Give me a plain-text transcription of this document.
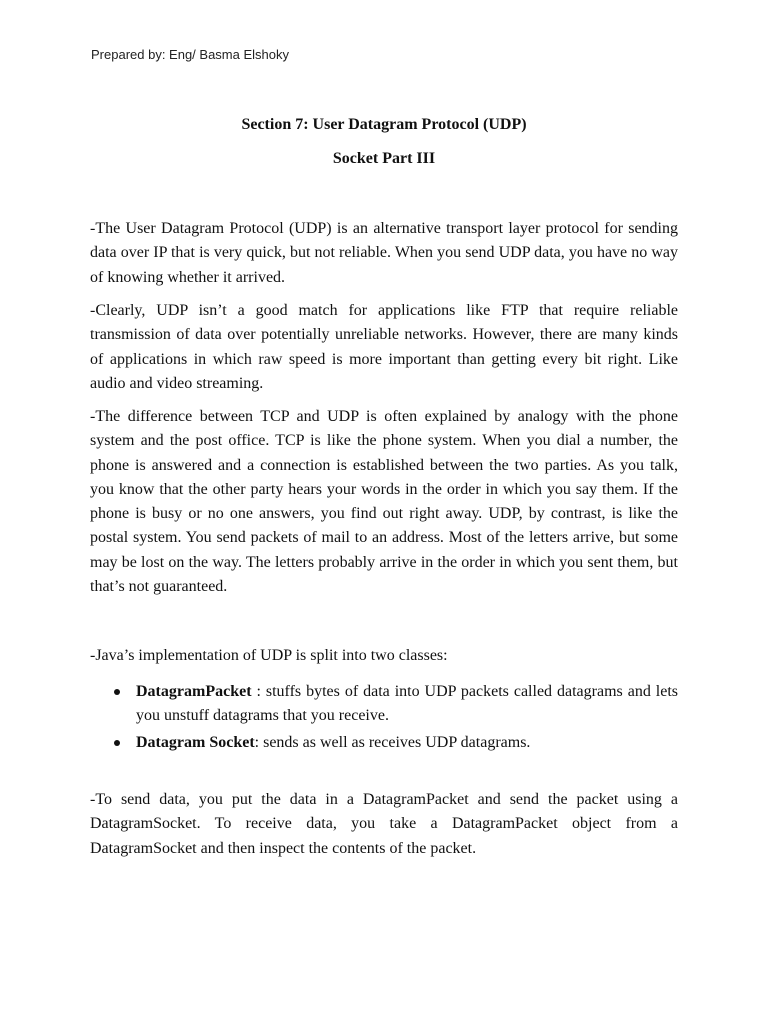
Prepared by: Eng/ Basma Elshoky
Section 7: User Datagram Protocol (UDP)
Socket Part III

-The User Datagram Protocol (UDP) is an alternative transport layer protocol for sending data over IP that is very quick, but not reliable. When you send UDP data, you have no way of knowing whether it arrived.

-Clearly, UDP isn’t a good match for applications like FTP that require reliable transmission of data over potentially unreliable networks. However, there are many kinds of applications in which raw speed is more important than getting every bit right. Like audio and video streaming.

-The difference between TCP and UDP is often explained by analogy with the phone system and the post office. TCP is like the phone system. When you dial a number, the phone is answered and a connection is established between the two parties. As you talk, you know that the other party hears your words in the order in which you say them. If the phone is busy or no one answers, you find out right away. UDP, by contrast, is like the postal system. You send packets of mail to an address. Most of the letters arrive, but some may be lost on the way. The letters probably arrive in the order in which you sent them, but that’s not guaranteed.

-Java’s implementation of UDP is split into two classes:

DatagramPacket : stuffs bytes of data into UDP packets called datagrams and lets you unstuff datagrams that you receive.
Datagram Socket: sends as well as receives UDP datagrams.

-To send data, you put the data in a DatagramPacket and send the packet using a DatagramSocket. To receive data, you take a DatagramPacket object from a DatagramSocket and then inspect the contents of the packet.
